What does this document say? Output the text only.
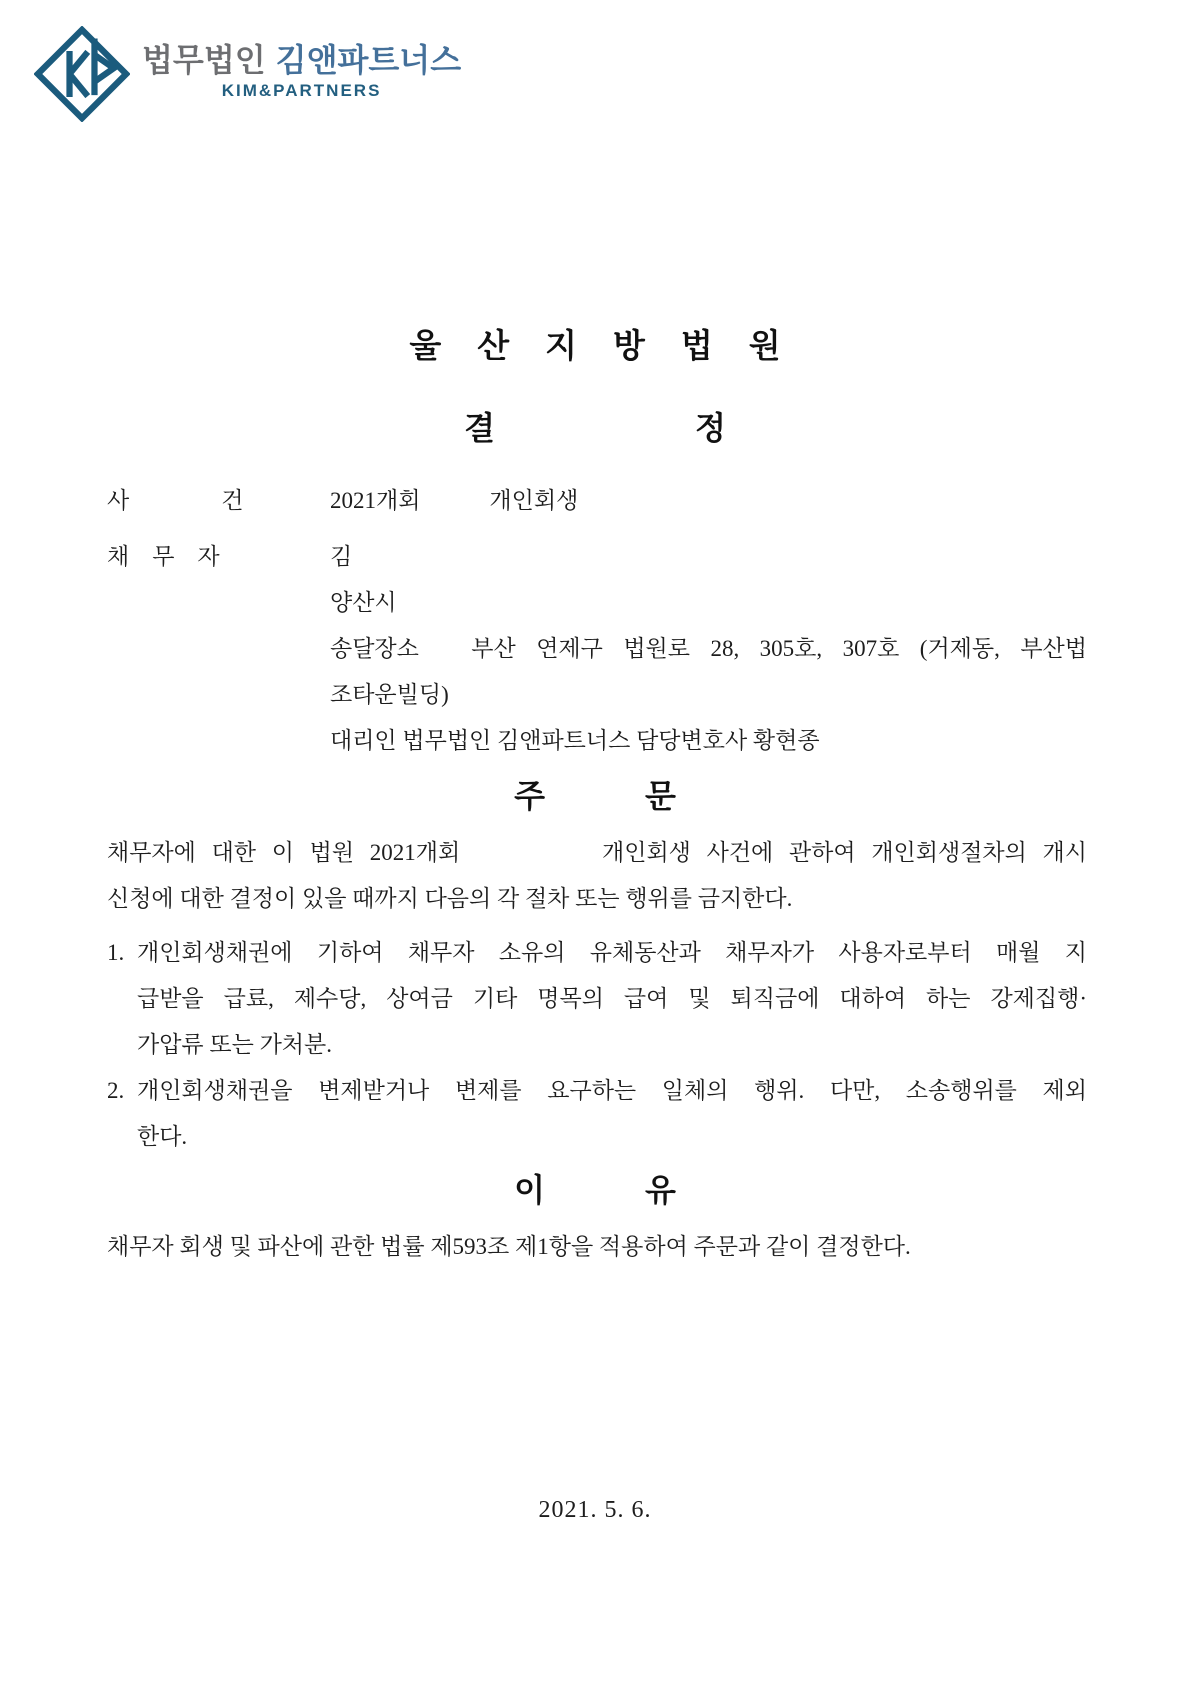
법무법인 김앤파트너스
KIM&PARTNERS
울산지방법원
결	정
사　　　　건	2021개회　　　개인회생
채　무　자	김
양산시
송달장소　부산 연제구 법원로 28, 305호, 307호 (거제동, 부산법
조타운빌딩)
대리인 법무법인 김앤파트너스 담당변호사 황현종
주	문
채무자에 대한 이 법원 2021개회　　　　개인회생 사건에 관하여 개인회생절차의 개시
신청에 대한 결정이 있을 때까지 다음의 각 절차 또는 행위를 금지한다.
1. 개인회생채권에 기하여 채무자 소유의 유체동산과 채무자가 사용자로부터 매월 지
급받을 급료, 제수당, 상여금 기타 명목의 급여 및 퇴직금에 대하여 하는 강제집행·
가압류 또는 가처분.
2. 개인회생채권을 변제받거나 변제를 요구하는 일체의 행위. 다만, 소송행위를 제외
한다.
이	유
채무자 회생 및 파산에 관한 법률 제593조 제1항을 적용하여 주문과 같이 결정한다.
2021. 5. 6.
